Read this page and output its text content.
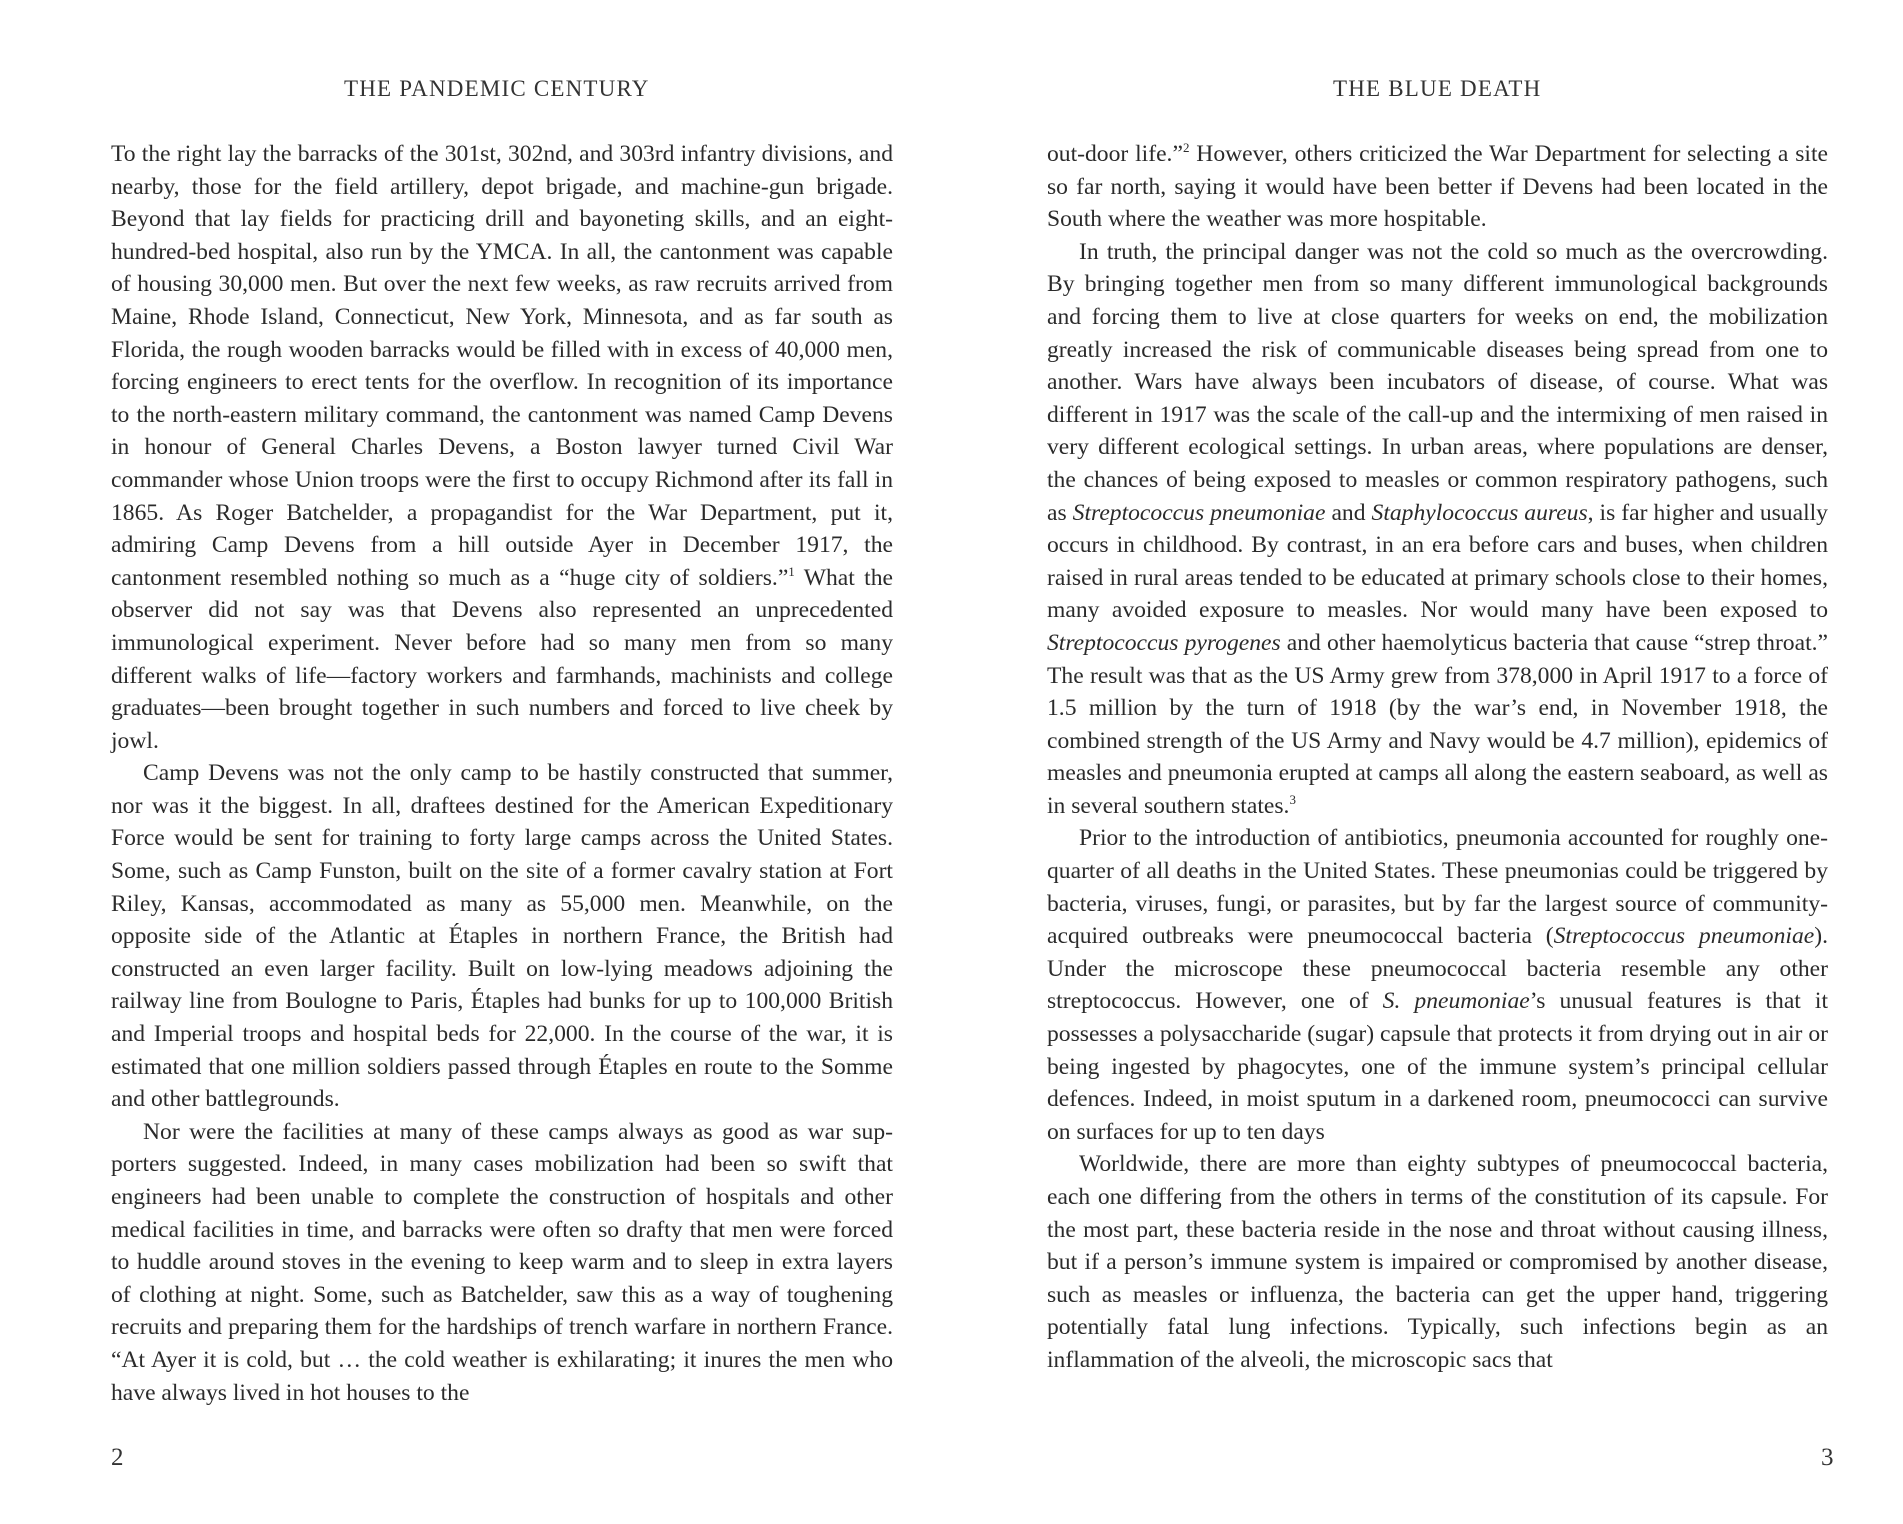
THE PANDEMIC CENTURY

To the right lay the barracks of the 301st, 302nd, and 303rd infantry divisions, and nearby, those for the field artillery, depot brigade, and machine-gun brigade. Beyond that lay fields for practicing drill and bayoneting skills, and an eight-hundred-bed hospital, also run by the YMCA. In all, the cantonment was capable of housing 30,000 men. But over the next few weeks, as raw recruits arrived from Maine, Rhode Island, Connecticut, New York, Minnesota, and as far south as Florida, the rough wooden barracks would be filled with in excess of 40,000 men, forcing engineers to erect tents for the overflow. In recognition of its importance to the north-eastern military command, the cantonment was named Camp Devens in honour of General Charles Devens, a Boston lawyer turned Civil War commander whose Union troops were the first to occupy Richmond after its fall in 1865. As Roger Batchelder, a propagandist for the War Department, put it, admiring Camp Devens from a hill outside Ayer in December 1917, the cantonment resembled nothing so much as a “huge city of soldiers.”$^1$ What the observer did not say was that Devens also represented an unprecedented immunological experiment. Never before had so many men from so many different walks of life—factory workers and farmhands, machinists and college graduates—been brought together in such numbers and forced to live cheek by jowl.

Camp Devens was not the only camp to be hastily constructed that summer, nor was it the biggest. In all, draftees destined for the American Expeditionary Force would be sent for training to forty large camps across the United States. Some, such as Camp Funston, built on the site of a former cavalry station at Fort Riley, Kansas, accommodated as many as 55,000 men. Meanwhile, on the opposite side of the Atlantic at Étaples in northern France, the British had constructed an even larger facility. Built on low-lying meadows adjoining the railway line from Boulogne to Paris, Étaples had bunks for up to 100,000 British and Imperial troops and hospital beds for 22,000. In the course of the war, it is estimated that one million soldiers passed through Étaples en route to the Somme and other battlegrounds.

Nor were the facilities at many of these camps always as good as war supporters suggested. Indeed, in many cases mobilization had been so swift that engineers had been unable to complete the construction of hospitals and other medical facilities in time, and barracks were often so drafty that men were forced to huddle around stoves in the evening to keep warm and to sleep in extra layers of clothing at night. Some, such as Batchelder, saw this as a way of toughening recruits and preparing them for the hardships of trench warfare in northern France. “At Ayer it is cold, but … the cold weather is exhilarating; it inures the men who have always lived in hot houses to the

2
THE BLUE DEATH

out-door life.”$^2$ However, others criticized the War Department for selecting a site so far north, saying it would have been better if Devens had been located in the South where the weather was more hospitable.

In truth, the principal danger was not the cold so much as the overcrowding. By bringing together men from so many different immunological backgrounds and forcing them to live at close quarters for weeks on end, the mobilization greatly increased the risk of communicable diseases being spread from one to another. Wars have always been incubators of disease, of course. What was different in 1917 was the scale of the call-up and the intermixing of men raised in very different ecological settings. In urban areas, where populations are denser, the chances of being exposed to measles or common respiratory pathogens, such as Streptococcus pneumoniae and Staphylococcus aureus, is far higher and usually occurs in childhood. By contrast, in an era before cars and buses, when children raised in rural areas tended to be educated at primary schools close to their homes, many avoided exposure to measles. Nor would many have been exposed to Streptococcus pyrogenes and other haemolyticus bacteria that cause “strep throat.” The result was that as the US Army grew from 378,000 in April 1917 to a force of 1.5 million by the turn of 1918 (by the war’s end, in November 1918, the combined strength of the US Army and Navy would be 4.7 million), epidemics of measles and pneumonia erupted at camps all along the eastern seaboard, as well as in several southern states.$^3$

Prior to the introduction of antibiotics, pneumonia accounted for roughly one-quarter of all deaths in the United States. These pneumonias could be triggered by bacteria, viruses, fungi, or parasites, but by far the largest source of community-acquired outbreaks were pneumococcal bacteria (Streptococcus pneumoniae). Under the microscope these pneumococcal bacteria resemble any other streptococcus. However, one of S. pneumoniae’s unusual features is that it possesses a polysaccharide (sugar) capsule that protects it from drying out in air or being ingested by phagocytes, one of the immune system’s principal cellular defences. Indeed, in moist sputum in a darkened room, pneumococci can survive on surfaces for up to ten days

Worldwide, there are more than eighty subtypes of pneumococcal bacteria, each one differing from the others in terms of the constitution of its capsule. For the most part, these bacteria reside in the nose and throat without causing illness, but if a person’s immune system is impaired or compromised by another disease, such as measles or influenza, the bacteria can get the upper hand, triggering potentially fatal lung infections. Typically, such infections begin as an inflammation of the alveoli, the microscopic sacs that

3
